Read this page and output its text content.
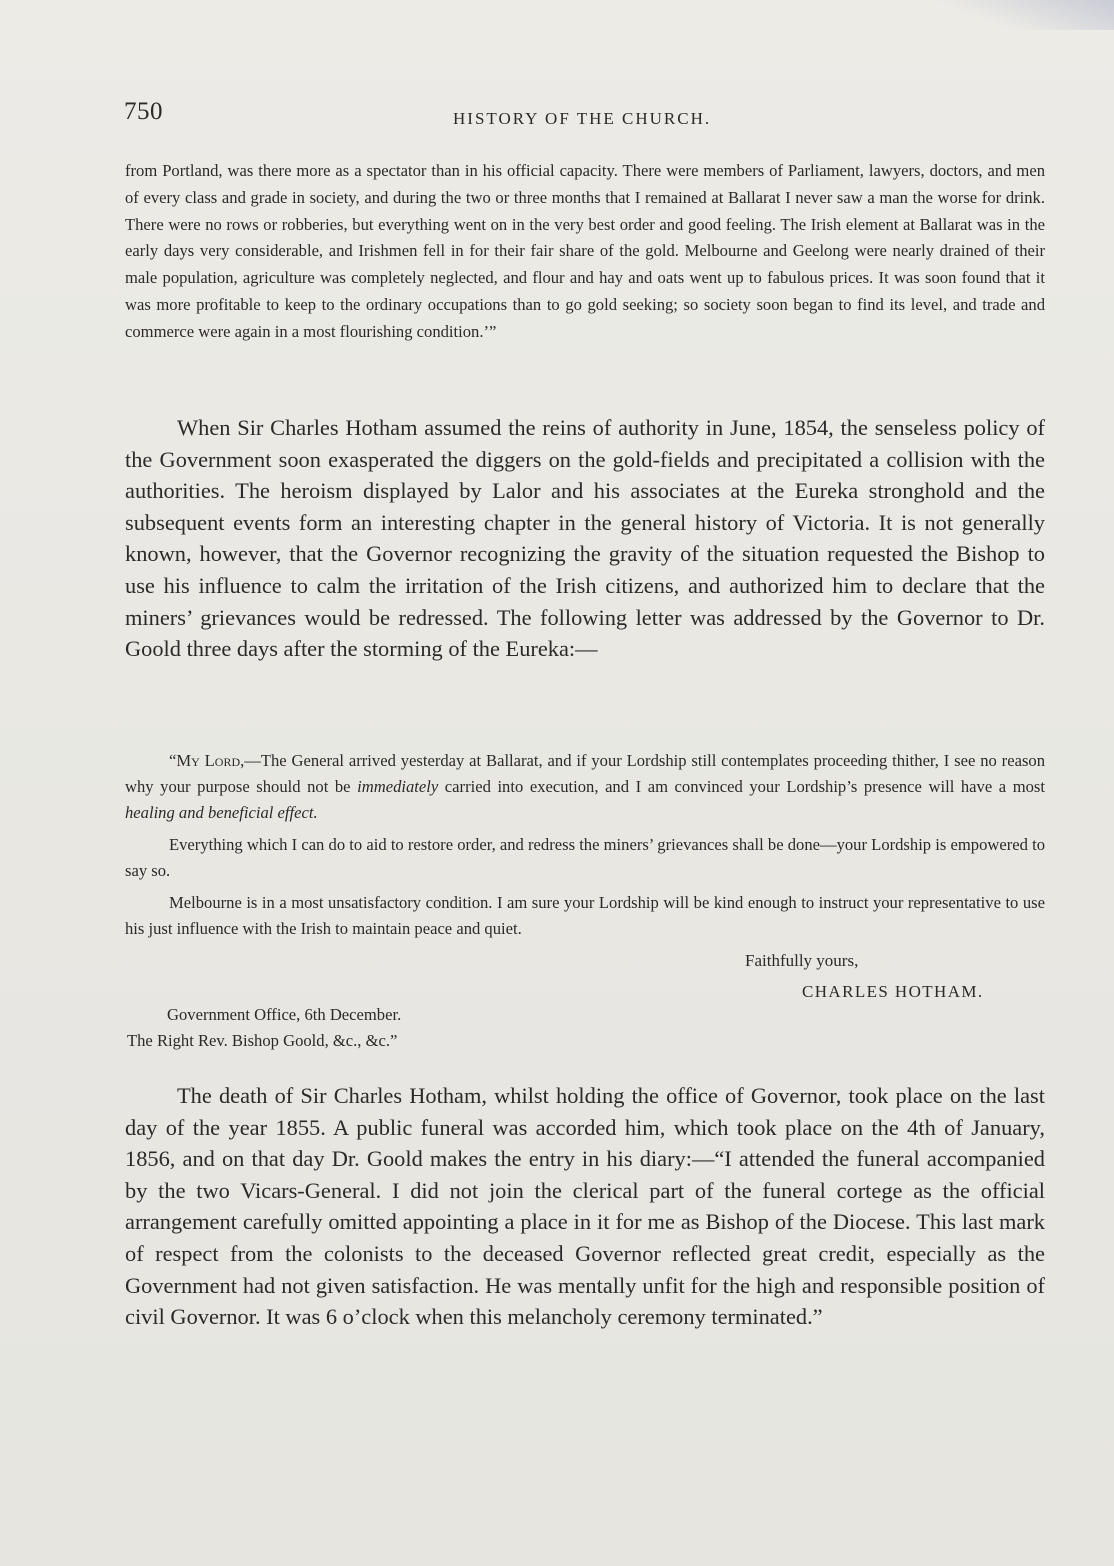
750	HISTORY OF THE CHURCH.

from Portland, was there more as a spectator than in his official capacity. There were members of Parliament, lawyers, doctors, and men of every class and grade in society, and during the two or three months that I remained at Ballarat I never saw a man the worse for drink. There were no rows or robberies, but everything went on in the very best order and good feeling. The Irish element at Ballarat was in the early days very considerable, and Irishmen fell in for their fair share of the gold. Melbourne and Geelong were nearly drained of their male population, agriculture was completely neglected, and flour and hay and oats went up to fabulous prices. It was soon found that it was more profitable to keep to the ordinary occupations than to go gold seeking; so society soon began to find its level, and trade and commerce were again in a most flourishing condition.’”

When Sir Charles Hotham assumed the reins of authority in June, 1854, the senseless policy of the Government soon exasperated the diggers on the gold-fields and precipitated a collision with the authorities. The heroism displayed by Lalor and his associates at the Eureka stronghold and the subsequent events form an interesting chapter in the general history of Victoria. It is not generally known, however, that the Governor recognizing the gravity of the situation requested the Bishop to use his influence to calm the irritation of the Irish citizens, and authorized him to declare that the miners’ grievances would be redressed. The following letter was addressed by the Governor to Dr. Goold three days after the storming of the Eureka:—

“My Lord,—The General arrived yesterday at Ballarat, and if your Lordship still contemplates proceeding thither, I see no reason why your purpose should not be immediately carried into execution, and I am convinced your Lordship’s presence will have a most healing and beneficial effect.

Everything which I can do to aid to restore order, and redress the miners’ grievances shall be done—your Lordship is empowered to say so.

Melbourne is in a most unsatisfactory condition. I am sure your Lordship will be kind enough to instruct your representative to use his just influence with the Irish to maintain peace and quiet.

Faithfully yours,
CHARLES HOTHAM.
Government Office, 6th December.
The Right Rev. Bishop Goold, &c., &c.”

The death of Sir Charles Hotham, whilst holding the office of Governor, took place on the last day of the year 1855. A public funeral was accorded him, which took place on the 4th of January, 1856, and on that day Dr. Goold makes the entry in his diary:—“I attended the funeral accompanied by the two Vicars-General. I did not join the clerical part of the funeral cortege as the official arrangement carefully omitted appointing a place in it for me as Bishop of the Diocese. This last mark of respect from the colonists to the deceased Governor reflected great credit, especially as the Government had not given satisfaction. He was mentally unfit for the high and responsible position of civil Governor. It was 6 o’clock when this melancholy ceremony terminated.”
